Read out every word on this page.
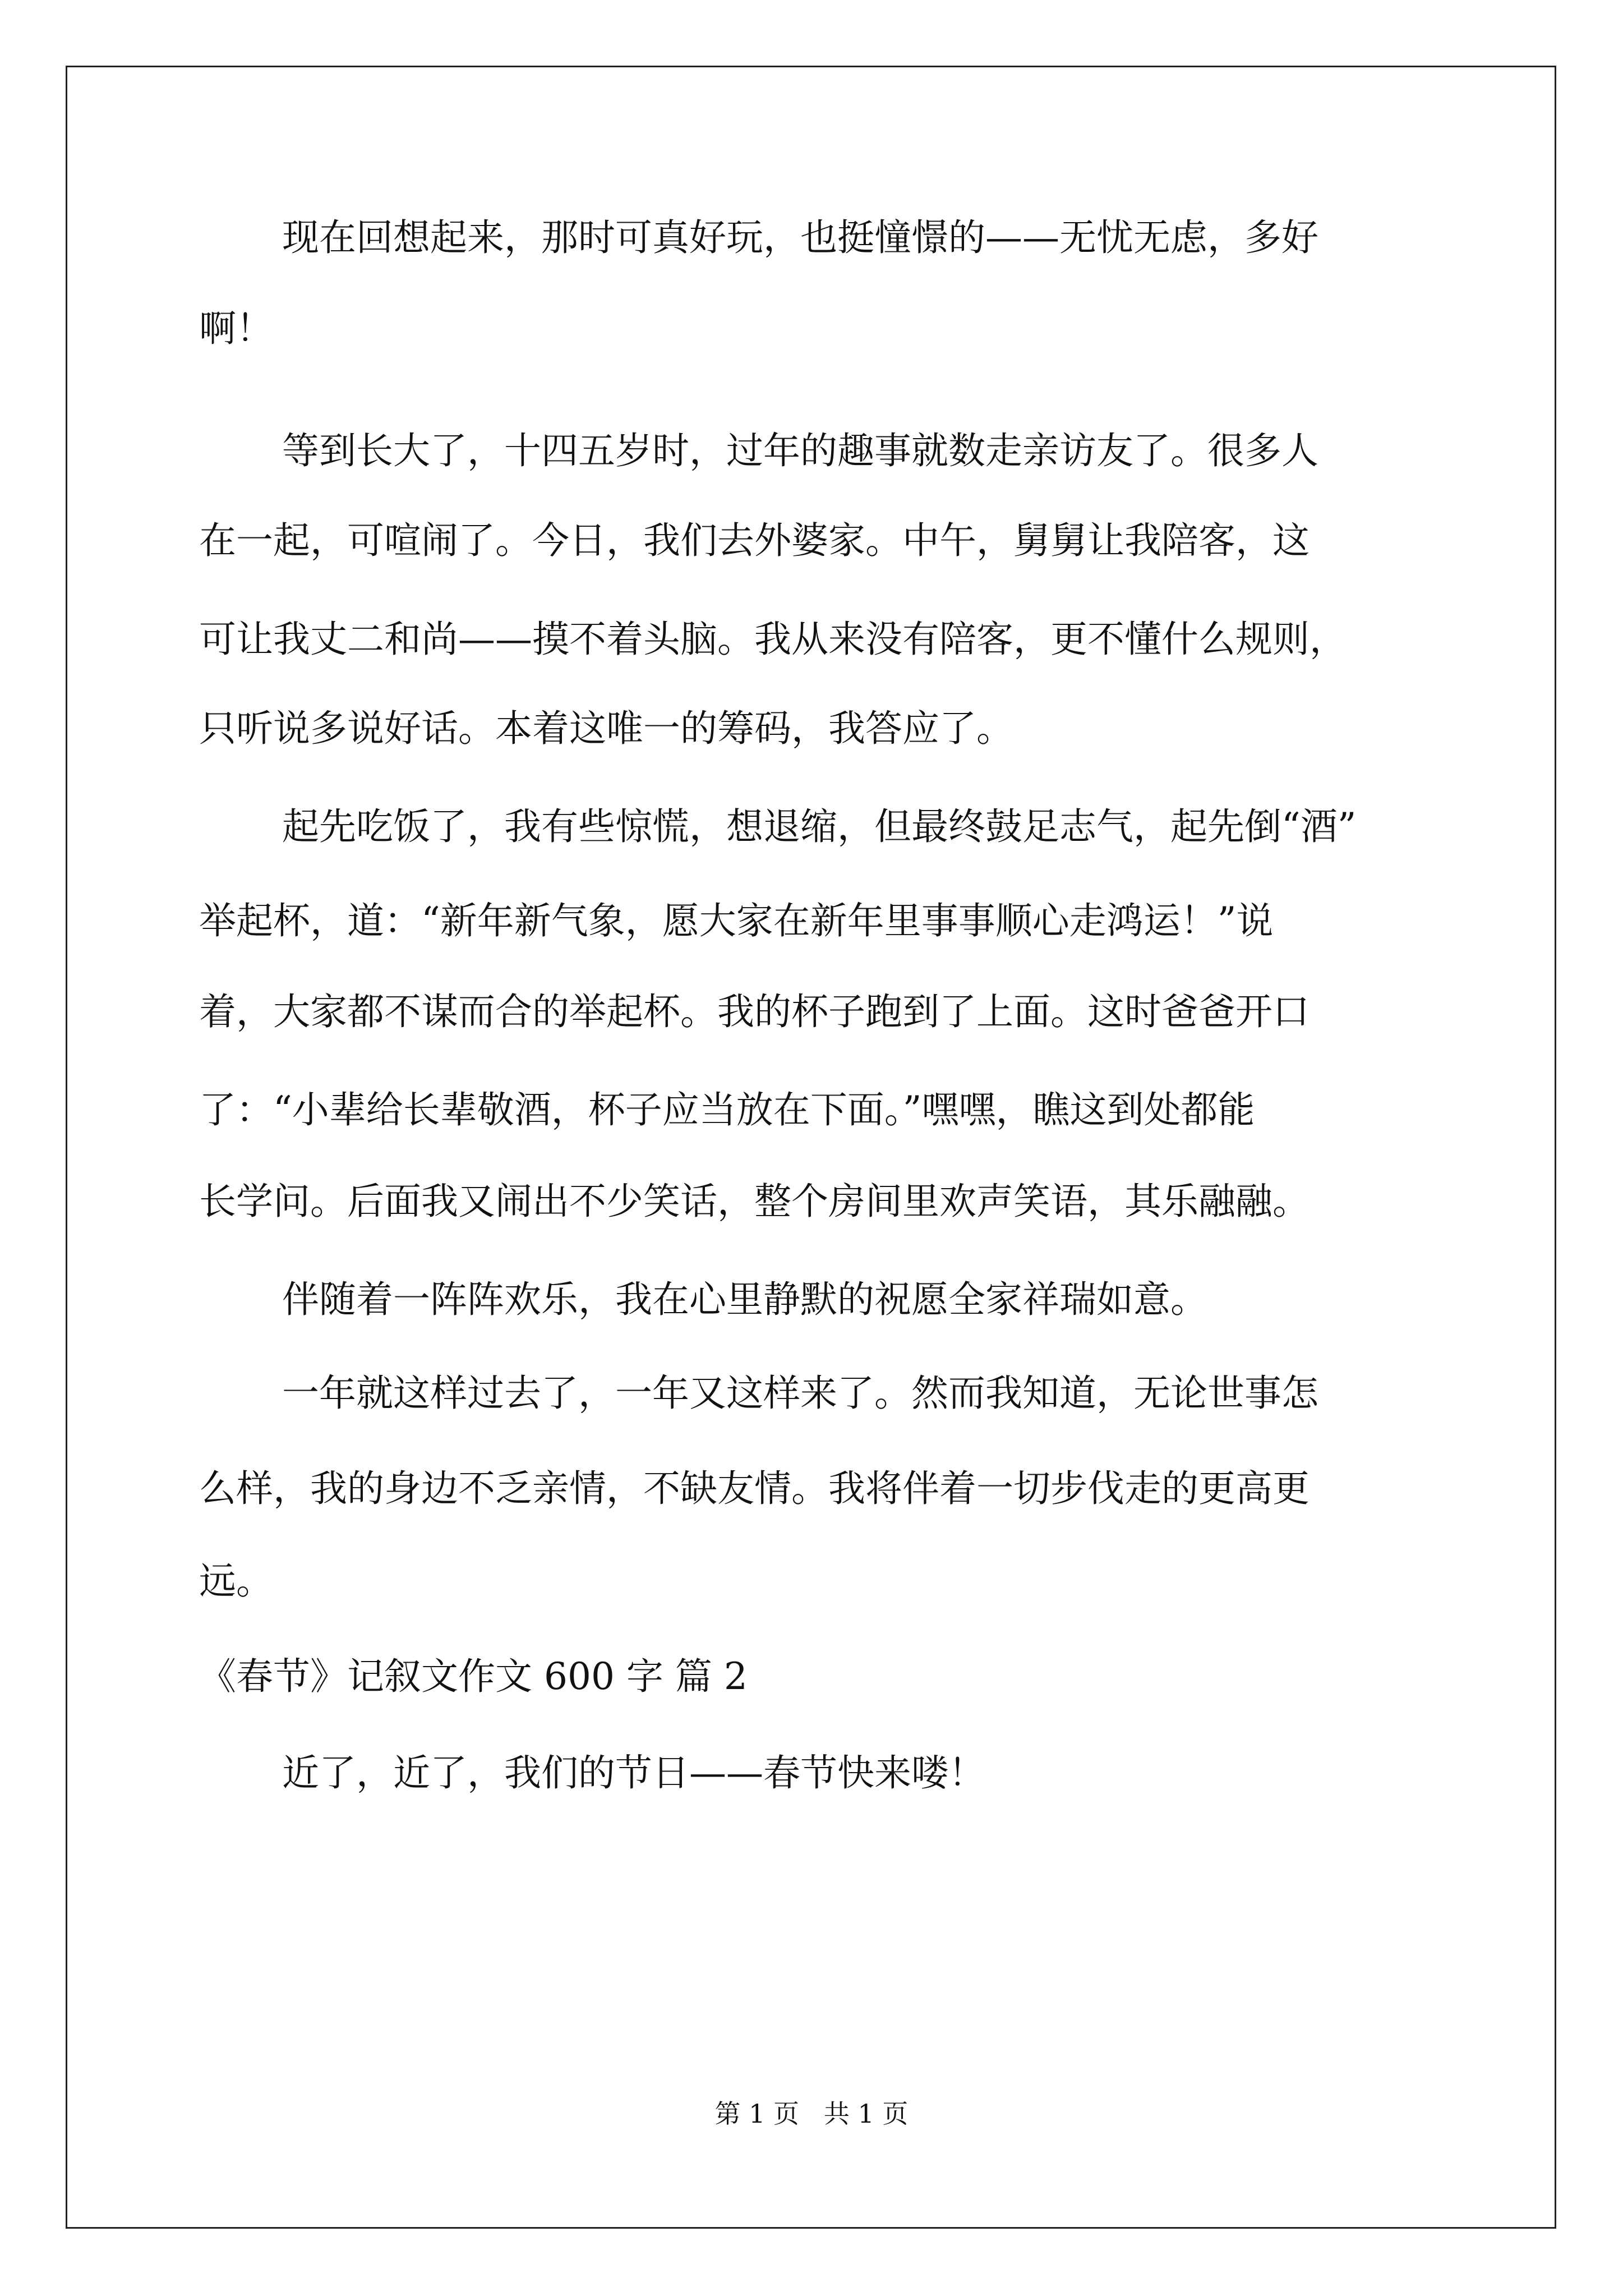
现在回想起来，那时可真好玩，也挺憧憬的——无忧无虑，多好
啊！
等到长大了，十四五岁时，过年的趣事就数走亲访友了。很多人
在一起，可喧闹了。今日，我们去外婆家。中午，舅舅让我陪客，这
可让我丈二和尚——摸不着头脑。我从来没有陪客，更不懂什么规则，
只听说多说好话。本着这唯一的筹码，我答应了。
起先吃饭了，我有些惊慌，想退缩，但最终鼓足志气，起先倒“酒”
举起杯，道：“新年新气象，愿大家在新年里事事顺心走鸿运！”说
着，大家都不谋而合的举起杯。我的杯子跑到了上面。这时爸爸开口
了：“小辈给长辈敬酒，杯子应当放在下面。”嘿嘿，瞧这到处都能
长学问。后面我又闹出不少笑话，整个房间里欢声笑语，其乐融融。
伴随着一阵阵欢乐，我在心里静默的祝愿全家祥瑞如意。
一年就这样过去了，一年又这样来了。然而我知道，无论世事怎
么样，我的身边不乏亲情，不缺友情。我将伴着一切步伐走的更高更
远。
《春节》记叙文作文 600 字 篇 2
近了，近了，我们的节日——春节快来喽！
第 1 页   共 1 页
